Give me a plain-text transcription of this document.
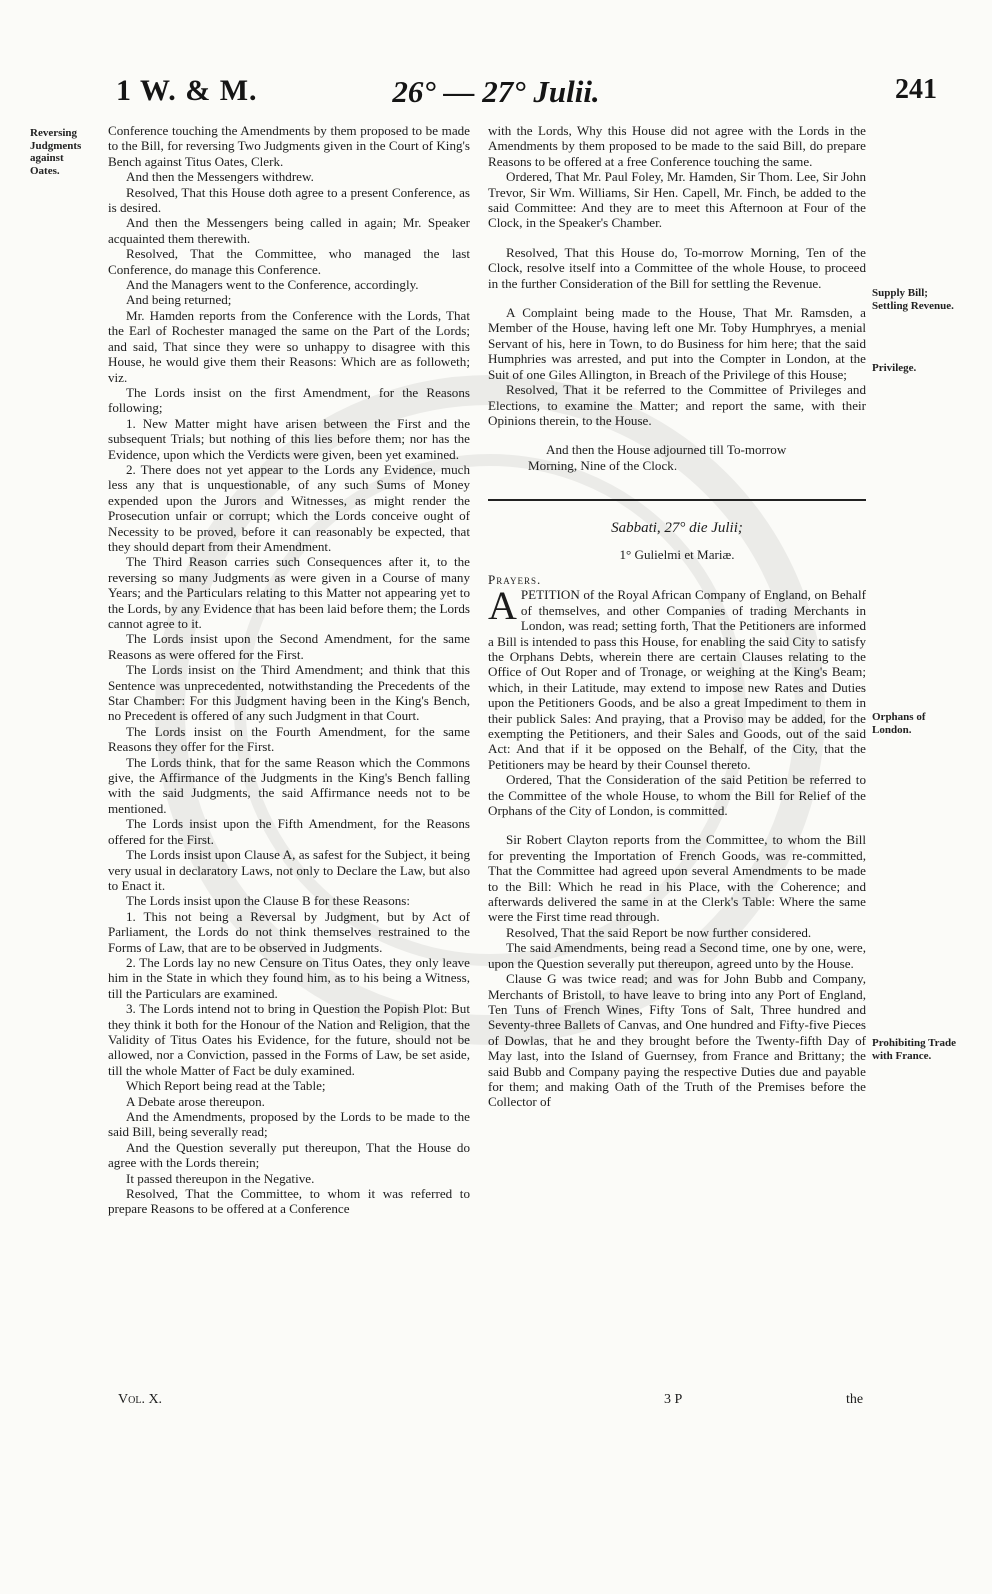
1 W. & M.	26° — 27° Julii.	241
Reversing Judgments against Oates.
Supply Bill; Settling Revenue.
Privilege.
Orphans of London.
Prohibiting Trade with France.

Conference touching the Amendments by them proposed to be made to the Bill, for reversing Two Judgments given in the Court of King's Bench against Titus Oates, Clerk.

And then the Messengers withdrew.

Resolved, That this House doth agree to a present Conference, as is desired.

And then the Messengers being called in again; Mr. Speaker acquainted them therewith.

Resolved, That the Committee, who managed the last Conference, do manage this Conference.

And the Managers went to the Conference, accordingly.

And being returned;

Mr. Hamden reports from the Conference with the Lords, That the Earl of Rochester managed the same on the Part of the Lords; and said, That since they were so unhappy to disagree with this House, he would give them their Reasons: Which are as followeth; viz.

The Lords insist on the first Amendment, for the Reasons following;

1. New Matter might have arisen between the First and the subsequent Trials; but nothing of this lies before them; nor has the Evidence, upon which the Verdicts were given, been yet examined.

2. There does not yet appear to the Lords any Evidence, much less any that is unquestionable, of any such Sums of Money expended upon the Jurors and Witnesses, as might render the Prosecution unfair or corrupt; which the Lords conceive ought of Necessity to be proved, before it can reasonably be expected, that they should depart from their Amendment.

The Third Reason carries such Consequences after it, to the reversing so many Judgments as were given in a Course of many Years; and the Particulars relating to this Matter not appearing yet to the Lords, by any Evidence that has been laid before them; the Lords cannot agree to it.

The Lords insist upon the Second Amendment, for the same Reasons as were offered for the First.

The Lords insist on the Third Amendment; and think that this Sentence was unprecedented, notwithstanding the Precedents of the Star Chamber: For this Judgment having been in the King's Bench, no Precedent is offered of any such Judgment in that Court.

The Lords insist on the Fourth Amendment, for the same Reasons they offer for the First.

The Lords think, that for the same Reason which the Commons give, the Affirmance of the Judgments in the King's Bench falling with the said Judgments, the said Affirmance needs not to be mentioned.

The Lords insist upon the Fifth Amendment, for the Reasons offered for the First.

The Lords insist upon Clause A, as safest for the Subject, it being very usual in declaratory Laws, not only to Declare the Law, but also to Enact it.

The Lords insist upon the Clause B for these Reasons:

1. This not being a Reversal by Judgment, but by Act of Parliament, the Lords do not think themselves restrained to the Forms of Law, that are to be observed in Judgments.

2. The Lords lay no new Censure on Titus Oates, they only leave him in the State in which they found him, as to his being a Witness, till the Particulars are examined.

3. The Lords intend not to bring in Question the Popish Plot: But they think it both for the Honour of the Nation and Religion, that the Validity of Titus Oates his Evidence, for the future, should not be allowed, nor a Conviction, passed in the Forms of Law, be set aside, till the whole Matter of Fact be duly examined.

Which Report being read at the Table;

A Debate arose thereupon.

And the Amendments, proposed by the Lords to be made to the said Bill, being severally read;

And the Question severally put thereupon, That the House do agree with the Lords therein;

It passed thereupon in the Negative.

Resolved, That the Committee, to whom it was referred to prepare Reasons to be offered at a Conference

with the Lords, Why this House did not agree with the Lords in the Amendments by them proposed to be made to the said Bill, do prepare Reasons to be offered at a free Conference touching the same.

Ordered, That Mr. Paul Foley, Mr. Hamden, Sir Thom. Lee, Sir John Trevor, Sir Wm. Williams, Sir Hen. Capell, Mr. Finch, be added to the said Committee: And they are to meet this Afternoon at Four of the Clock, in the Speaker's Chamber.

Resolved, That this House do, To-morrow Morning, Ten of the Clock, resolve itself into a Committee of the whole House, to proceed in the further Consideration of the Bill for settling the Revenue.

A Complaint being made to the House, That Mr. Ramsden, a Member of the House, having left one Mr. Toby Humphryes, a menial Servant of his, here in Town, to do Business for him here; that the said Humphries was arrested, and put into the Compter in London, at the Suit of one Giles Allington, in Breach of the Privilege of this House;

Resolved, That it be referred to the Committee of Privileges and Elections, to examine the Matter; and report the same, with their Opinions therein, to the House.

And then the House adjourned till To-morrow Morning, Nine of the Clock.

Sabbati, 27° die Julii;

1° Gulielmi et Mariæ.

Prayers.

A PETITION of the Royal African Company of England, on Behalf of themselves, and other Companies of trading Merchants in London, was read; setting forth, That the Petitioners are informed a Bill is intended to pass this House, for enabling the said City to satisfy the Orphans Debts, wherein there are certain Clauses relating to the Office of Out Roper and of Tronage, or weighing at the King's Beam; which, in their Latitude, may extend to impose new Rates and Duties upon the Petitioners Goods, and be also a great Impediment to them in their publick Sales: And praying, that a Proviso may be added, for the exempting the Petitioners, and their Sales and Goods, out of the said Act: And that if it be opposed on the Behalf, of the City, that the Petitioners may be heard by their Counsel thereto.

Ordered, That the Consideration of the said Petition be referred to the Committee of the whole House, to whom the Bill for Relief of the Orphans of the City of London, is committed.

Sir Robert Clayton reports from the Committee, to whom the Bill for preventing the Importation of French Goods, was re-committed, That the Committee had agreed upon several Amendments to be made to the Bill: Which he read in his Place, with the Coherence; and afterwards delivered the same in at the Clerk's Table: Where the same were the First time read through.

Resolved, That the said Report be now further considered.

The said Amendments, being read a Second time, one by one, were, upon the Question severally put thereupon, agreed unto by the House.

Clause G was twice read; and was for John Bubb and Company, Merchants of Bristoll, to have leave to bring into any Port of England, Ten Tuns of French Wines, Fifty Tons of Salt, Three hundred and Seventy-three Ballets of Canvas, and One hundred and Fifty-five Pieces of Dowlas, that he and they brought before the Twenty-fifth Day of May last, into the Island of Guernsey, from France and Brittany; the said Bubb and Company paying the respective Duties due and payable for them; and making Oath of the Truth of the Premises before the Collector of

Vol. X.	3 P	the
